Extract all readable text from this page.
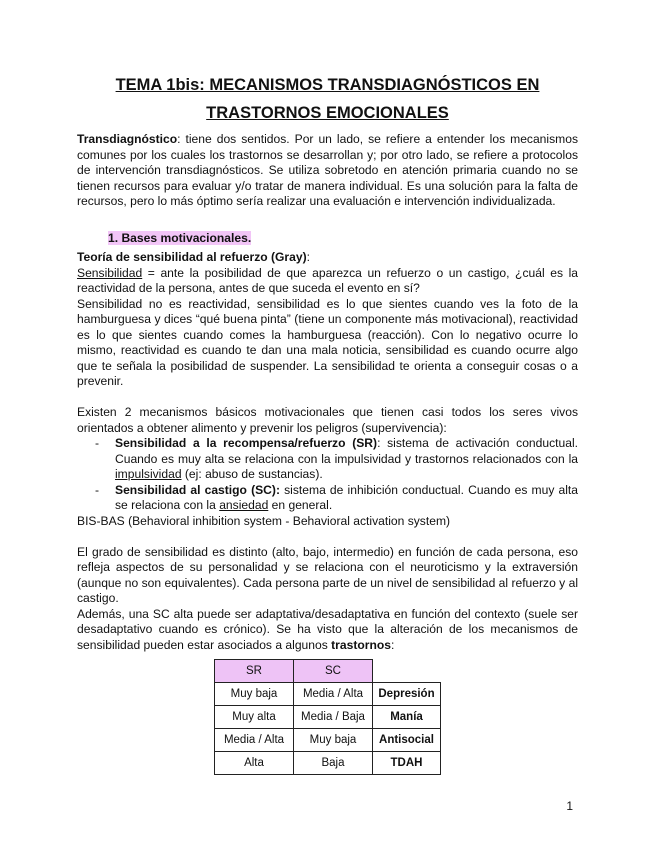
TEMA 1bis: MECANISMOS TRANSDIAGNÓSTICOS EN
TRASTORNOS EMOCIONALES

Transdiagnóstico: tiene dos sentidos. Por un lado, se refiere a entender los mecanismos comunes por los cuales los trastornos se desarrollan y; por otro lado, se refiere a protocolos de intervención transdiagnósticos. Se utiliza sobretodo en atención primaria cuando no se tienen recursos para evaluar y/o tratar de manera individual. Es una solución para la falta de recursos, pero lo más óptimo sería realizar una evaluación e intervención individualizada.

1. Bases motivacionales.

Teoría de sensibilidad al refuerzo (Gray):

Sensibilidad = ante la posibilidad de que aparezca un refuerzo o un castigo, ¿cuál es la reactividad de la persona, antes de que suceda el evento en sí?

Sensibilidad no es reactividad, sensibilidad es lo que sientes cuando ves la foto de la hamburguesa y dices “qué buena pinta” (tiene un componente más motivacional), reactividad es lo que sientes cuando comes la hamburguesa (reacción). Con lo negativo ocurre lo mismo, reactividad es cuando te dan una mala noticia, sensibilidad es cuando ocurre algo que te señala la posibilidad de suspender. La sensibilidad te orienta a conseguir cosas o a prevenir.

Existen 2 mecanismos básicos motivacionales que tienen casi todos los seres vivos orientados a obtener alimento y prevenir los peligros (supervivencia):

- Sensibilidad a la recompensa/refuerzo (SR): sistema de activación conductual. Cuando es muy alta se relaciona con la impulsividad y trastornos relacionados con la impulsividad (ej: abuso de sustancias).
- Sensibilidad al castigo (SC): sistema de inhibición conductual. Cuando es muy alta se relaciona con la ansiedad en general.

BIS-BAS (Behavioral inhibition system - Behavioral activation system)

El grado de sensibilidad es distinto (alto, bajo, intermedio) en función de cada persona, eso refleja aspectos de su personalidad y se relaciona con el neuroticismo y la extraversión (aunque no son equivalentes). Cada persona parte de un nivel de sensibilidad al refuerzo y al castigo.

Además, una SC alta puede ser adaptativa/desadaptativa en función del contexto (suele ser desadaptativo cuando es crónico). Se ha visto que la alteración de los mecanismos de sensibilidad pueden estar asociados a algunos trastornos:

SR	SC	
Muy baja	Media / Alta	Depresión
Muy alta	Media / Baja	Manía
Media / Alta	Muy baja	Antisocial
Alta	Baja	TDAH
1
